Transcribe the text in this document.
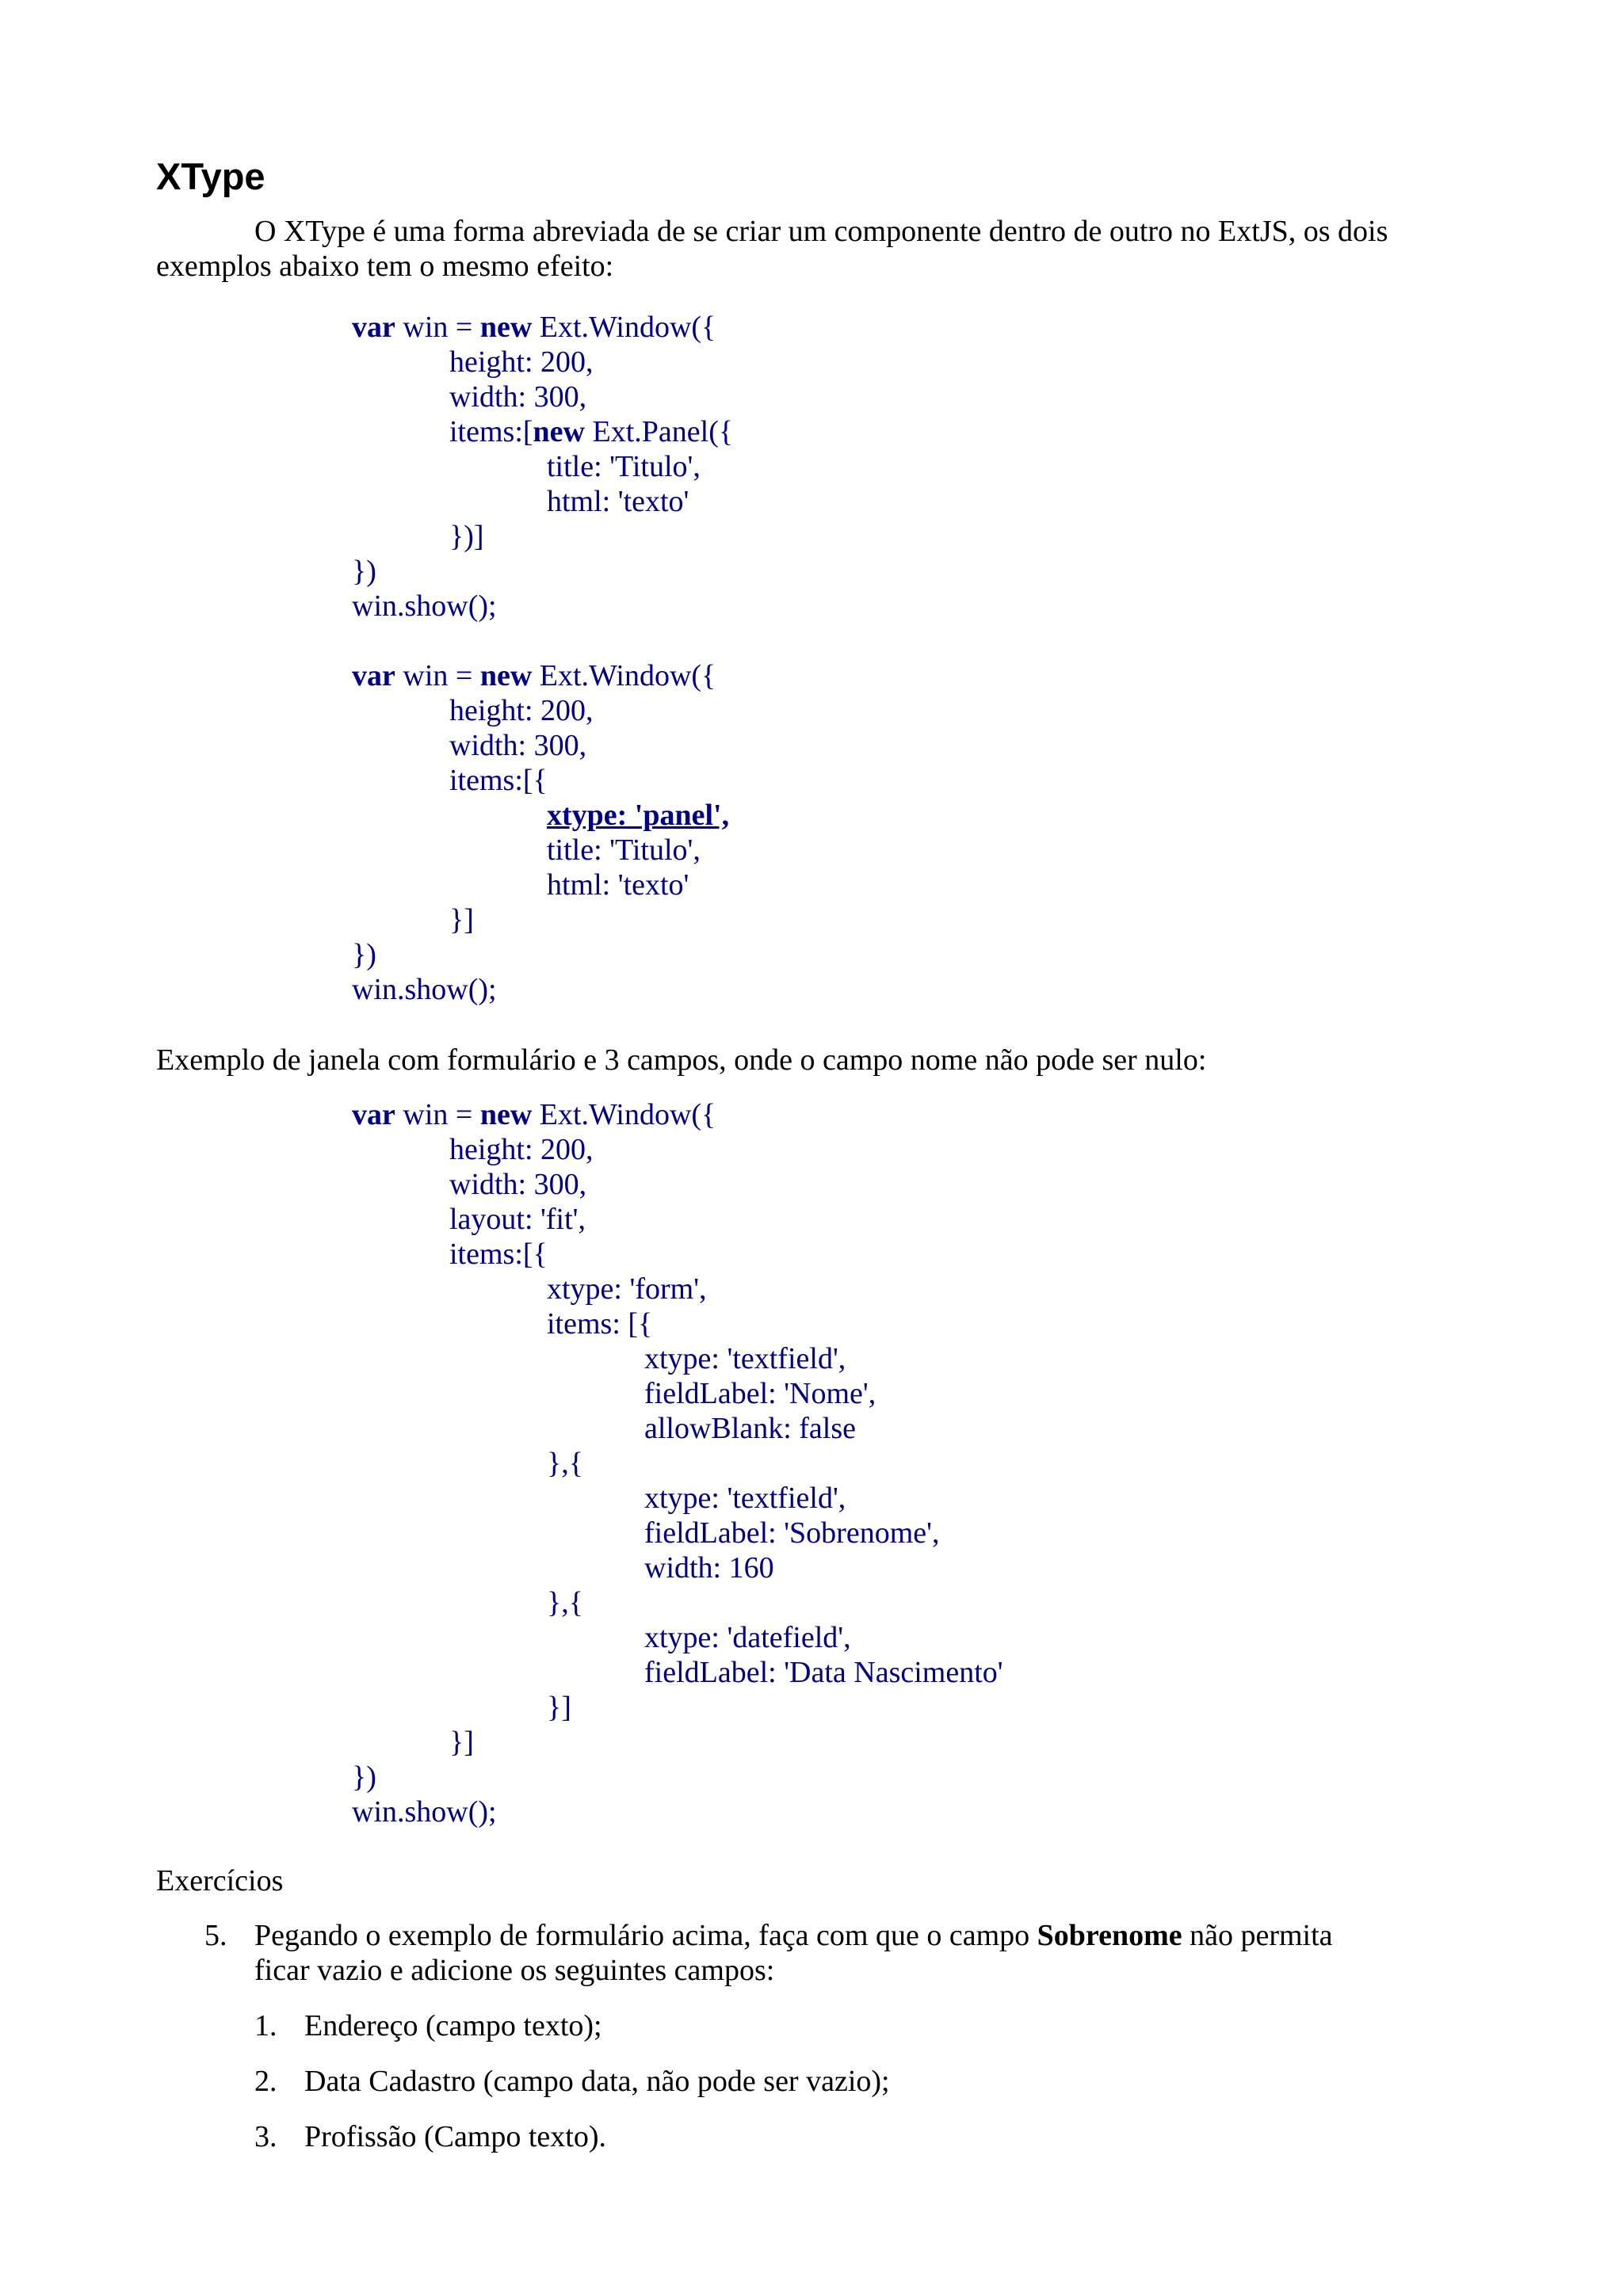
XType

O XType é uma forma abreviada de se criar um componente dentro de outro no ExtJS, os dois exemplos abaixo tem o mesmo efeito:

var win = new Ext.Window({
height: 200,
width: 300,
items:[new Ext.Panel({
title: 'Titulo',
html: 'texto'
})]
})
win.show();
var win = new Ext.Window({
height: 200,
width: 300,
items:[{
xtype: 'panel',
title: 'Titulo',
html: 'texto'
}]
})
win.show();

Exemplo de janela com formulário e 3 campos, onde o campo nome não pode ser nulo:

var win = new Ext.Window({
height: 200,
width: 300,
layout: 'fit',
items:[{
xtype: 'form',
items: [{
xtype: 'textfield',
fieldLabel: 'Nome',
allowBlank: false
},{
xtype: 'textfield',
fieldLabel: 'Sobrenome',
width: 160
},{
xtype: 'datefield',
fieldLabel: 'Data Nascimento'
}]
}]
})
win.show();

Exercícios

5. Pegando o exemplo de formulário acima, faça com que o campo Sobrenome não permita
ficar vazio e adicione os seguintes campos:
1. Endereço (campo texto);
2. Data Cadastro (campo data, não pode ser vazio);
3. Profissão (Campo texto).
